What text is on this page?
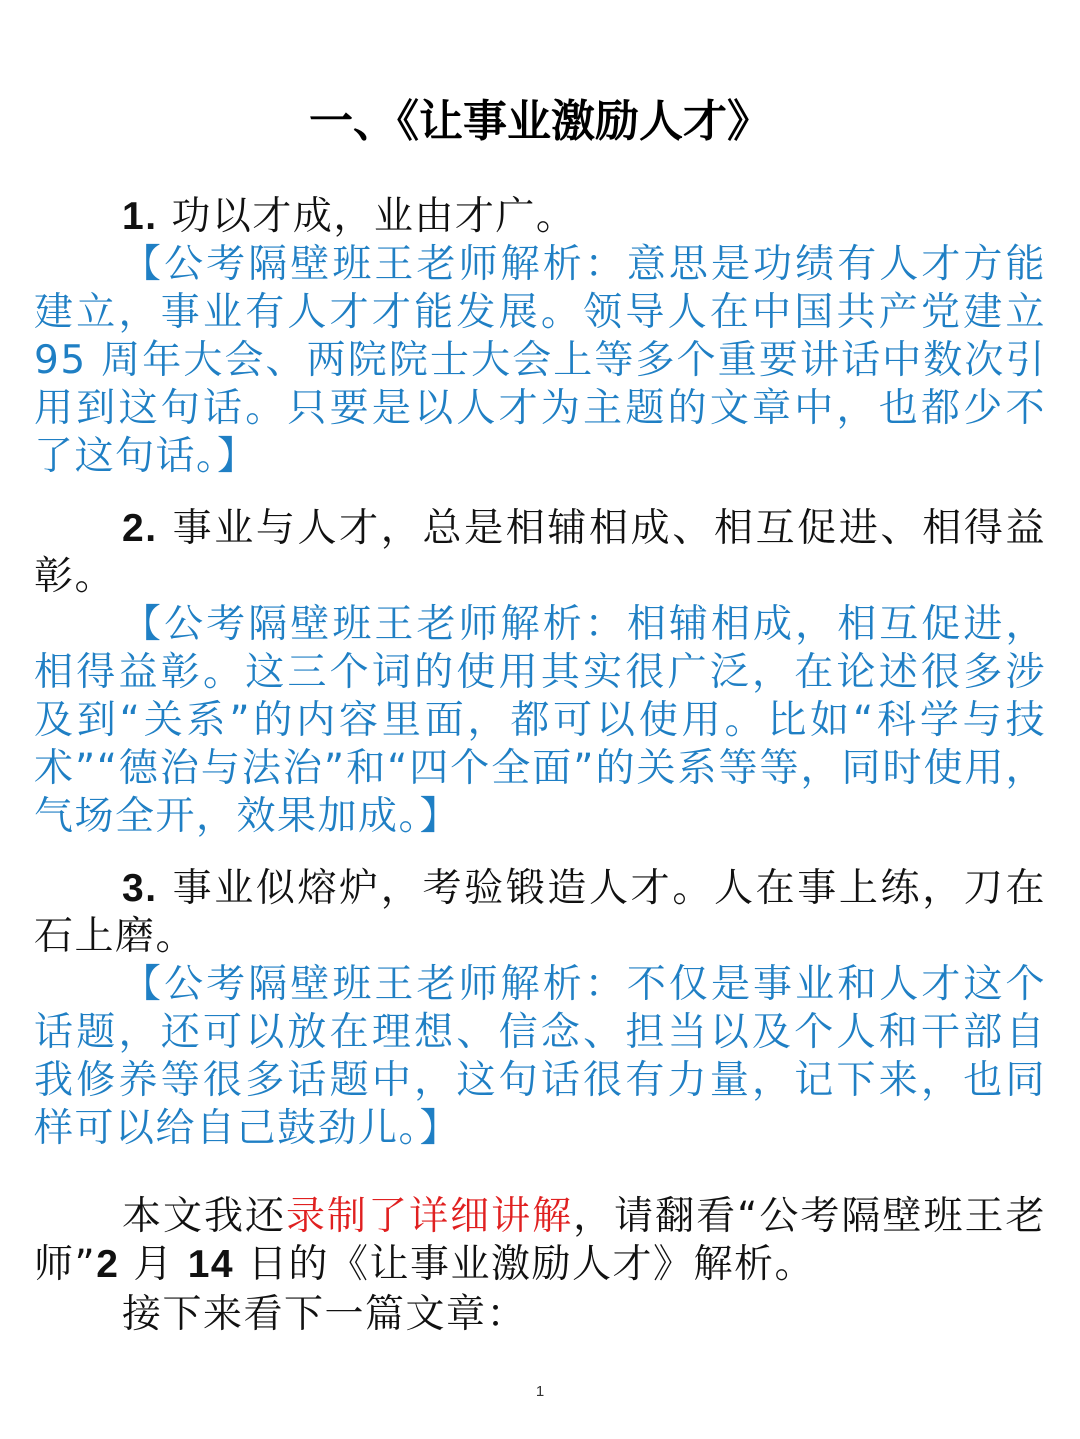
一、《让事业激励人才》

1. 功以才成，业由才广。

【公考隔壁班王老师解析：意思是功绩有人才方能建立，事业有人才才能发展。领导人在中国共产党建立 95 周年大会、两院院士大会上等多个重要讲话中数次引用到这句话。只要是以人才为主题的文章中，也都少不了这句话。】

2. 事业与人才，总是相辅相成、相互促进、相得益彰。

【公考隔壁班王老师解析：相辅相成，相互促进，相得益彰。这三个词的使用其实很广泛，在论述很多涉及到“关系”的内容里面，都可以使用。比如“科学与技术”“德治与法治”和“四个全面”的关系等等，同时使用，气场全开，效果加成。】

3. 事业似熔炉，考验锻造人才。人在事上练，刀在石上磨。

【公考隔壁班王老师解析：不仅是事业和人才这个话题，还可以放在理想、信念、担当以及个人和干部自我修养等很多话题中，这句话很有力量，记下来，也同样可以给自己鼓劲儿。】

本文我还录制了详细讲解，请翻看“公考隔壁班王老师”2 月 14 日的《让事业激励人才》解析。

接下来看下一篇文章：

1
